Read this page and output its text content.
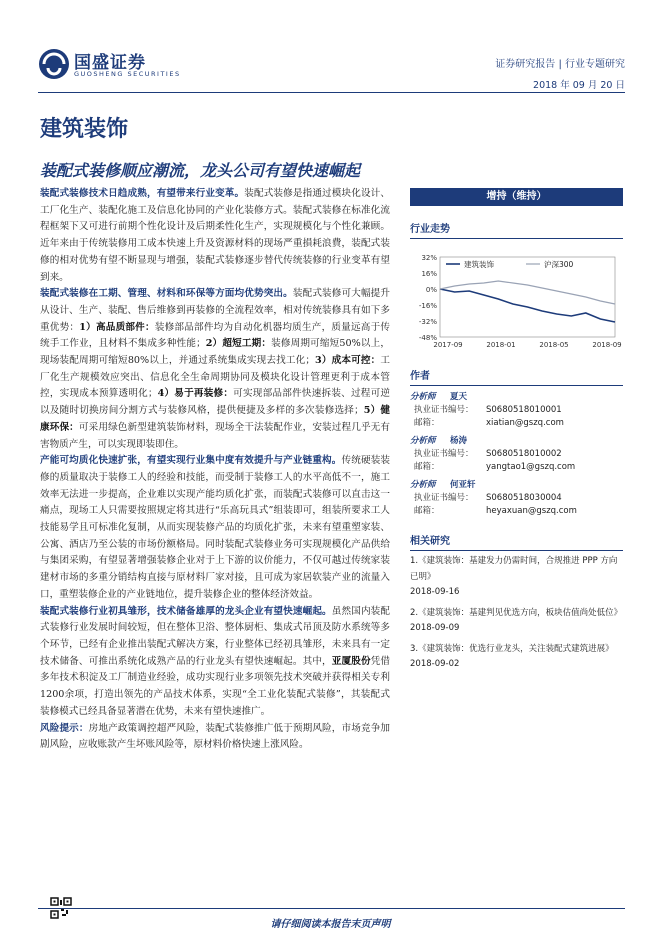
国盛证券
GUOSHENG SECURITIES
证券研究报告 | 行业专题研究
2018 年 09 月 20 日
建筑装饰
装配式装修顺应潮流，龙头公司有望快速崛起

装配式装修技术日趋成熟，有望带来行业变革。装配式装修是指通过模块化设计、工厂化生产、装配化施工及信息化协同的产业化装修方式。装配式装修在标准化流程框架下又可进行前期个性化设计及后期柔性化生产，实现规模化与个性化兼顾。近年来由于传统装修用工成本快速上升及资源材料的现场严重損耗浪費，装配式装修的相对优势有望不断显现与增强，装配式装修逐步替代传统装修的行业变革有望到来。

装配式装修在工期、管理、材料和环保等方面均优势突出。装配式装修可大幅提升从设计、生产、装配、售后维修到再装修的全流程效率，相对传统装修具有如下多重优势：1）高品质部件：装修部品部件均为自动化机器均质生产，质量远高于传统手工作业，且材料不集成多种性能；2）超短工期：装修周期可缩短50%以上，现场装配周期可缩短80%以上，并通过系统集成实现去找工化；3）成本可控：工厂化生产规模效应突出、信息化全生命周期协同及模块化设计管理更利于成本管控，实现成本预算透明化；4）易于再装修：可实现部品部件快速拆装、过程可逆以及随时切换房间分割方式与装修风格，提供便捷及多样的多次装修选择；5）健康环保：可采用绿色新型建筑装饰材料，现场全干法装配作业，安装过程几乎无有害物质产生，可以实现即装即住。

产能可均质化快速扩张，有望实现行业集中度有效提升与产业链重构。传统硬装装修的质量取决于装修工人的经验和技能，而受制于装修工人的水平高低不一，施工效率无法进一步提高，企业难以实现产能均质化扩张，而装配式装修可以直击这一痛点，现场工人只需要按照规定将其进行“乐高玩具式”组装即可，组装所要求工人技能易学且可标准化复制，从而实现装修产品的均质化扩张，未来有望重塑家装、公寓、酒店乃至公装的市场份额格局。同时装配式装修业务可实现规模化产品供给与集团采购，有望显著增强装修企业对于上下游的议价能力，不仅可越过传统家装建材市场的多重分销结构直接与原材料厂家对接，且可成为家居软装产业的流量入口，重塑装修企业的产业链地位，提升装修企业的整体经济效益。

装配式装修行业初具雏形，技术储备雄厚的龙头企业有望快速崛起。虽然国内装配式装修行业发展时间较短，但在整体卫浴、整体厨柜、集成式吊顶及防水系统等多个环节，已经有企业推出装配式解决方案，行业整体已经初具雏形，未来具有一定技术储备、可推出系统化成熟产品的行业龙头有望快速崛起。其中，亚厦股份凭借多年技术积淀及工厂制造业经验，成功实现行业多项领先技术突破并获得相关专利1200余项，打造出领先的产品技术体系，实现“全工业化装配式装修”，其装配式装修模式已经具备显著潜在优势，未来有望快速推广。

风险提示：房地产政策调控超严风险，装配式装修推广低于预期风险，市场竞争加剧风险，应收账款产生坏账风险等，原材料价格快速上涨风险。

增持（维持）
行业走势
32%
16%
0%
-16%
-32%
-48%
2017-09	2018-01	2018-05	2018-09
建筑装饰	沪深300
作者
分析师 夏天
执业证书编号： S0680518010001
邮箱：	xiatian@gszq.com
分析师 杨涛
执业证书编号： S0680518010002
邮箱：	yangtao1@gszq.com
分析师 何亚轩
执业证书编号： S0680518030004
邮箱：	heyaxuan@gszq.com
相关研究
1.《建筑装饰：基建发力仍需时间，合规推进 PPP 方向已明》
2018-09-16
2.《建筑装饰：基建判见优选方向，板块估值尚处低位》
2018-09-09
3.《建筑装饰：优选行业龙头，关注装配式建筑进展》
2018-09-02
请仔细阅读本报告末页声明
